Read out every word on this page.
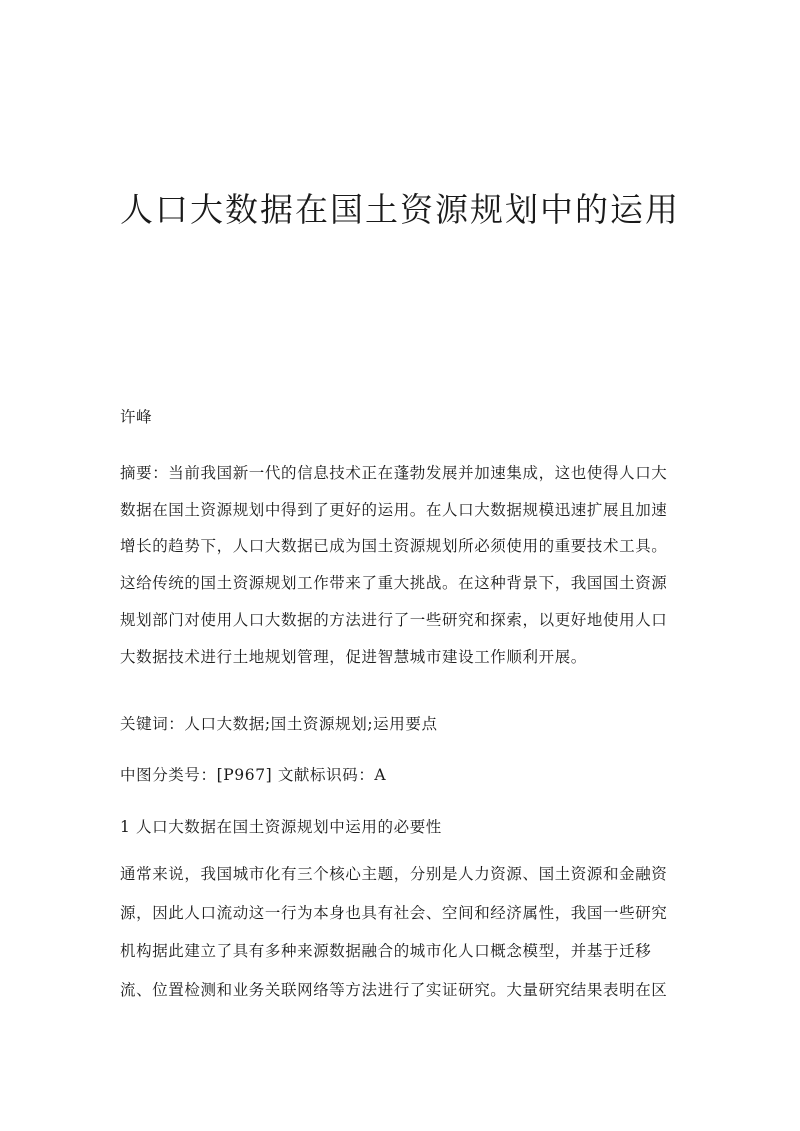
人口大数据在国土资源规划中的运用

许峰

摘要：当前我国新一代的信息技术正在蓬勃发展并加速集成，这也使得人口大
数据在国土资源规划中得到了更好的运用。在人口大数据规模迅速扩展且加速
增长的趋势下，人口大数据已成为国土资源规划所必须使用的重要技术工具。
这给传统的国土资源规划工作带来了重大挑战。在这种背景下，我国国土资源
规划部门对使用人口大数据的方法进行了一些研究和探索，以更好地使用人口
大数据技术进行土地规划管理，促进智慧城市建设工作顺利开展。

关键词：人口大数据;国土资源规划;运用要点

中图分类号：[P967] 文献标识码：A

1 人口大数据在国土资源规划中运用的必要性

通常来说，我国城市化有三个核心主题，分别是人力资源、国土资源和金融资
源，因此人口流动这一行为本身也具有社会、空间和经济属性，我国一些研究
机构据此建立了具有多种来源数据融合的城市化人口概念模型，并基于迁移
流、位置检测和业务关联网络等方法进行了实证研究。大量研究结果表明在区
